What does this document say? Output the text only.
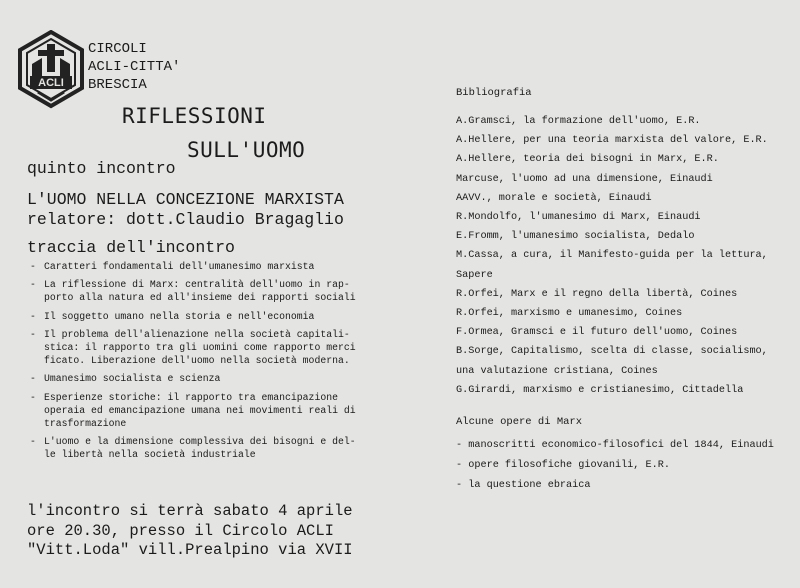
ACLI
CIRCOLI
ACLI-CITTA'
BRESCIA
RIFLESSIONI
SULL'UOMO
quinto incontro
L'UOMO NELLA CONCEZIONE MARXISTA
relatore: dott.Claudio Bragaglio
traccia dell'incontro
- Caratteri fondamentali dell'umanesimo marxista
- La riflessione di Marx: centralità dell'uomo in rap-
porto alla natura ed all'insieme dei rapporti sociali
- Il soggetto umano nella storia e nell'economia
- Il problema dell'alienazione nella società capitali-
stica: il rapporto tra gli uomini come rapporto merci
ficato. Liberazione dell'uomo nella società moderna.
- Umanesimo socialista e scienza
- Esperienze storiche: il rapporto tra emancipazione
operaia ed emancipazione umana nei movimenti reali di
trasformazione
- L'uomo e la dimensione complessiva dei bisogni e del-
le libertà nella società industriale
l'incontro si terrà sabato 4 aprile
ore 20.30, presso il Circolo ACLI
"Vitt.Loda" vill.Prealpino via XVII
Bibliografia
A.Gramsci, la formazione dell'uomo, E.R.
A.Hellere, per una teoria marxista del valore, E.R.
A.Hellere, teoria dei bisogni in Marx, E.R.
Marcuse, l'uomo ad una dimensione, Einaudi
AAVV., morale e società, Einaudi
R.Mondolfo, l'umanesimo di Marx, Einaudi
E.Fromm, l'umanesimo socialista, Dedalo
M.Cassa, a cura, il Manifesto-guida per la lettura,
Sapere
R.Orfei, Marx e il regno della libertà, Coines
R.Orfei, marxismo e umanesimo, Coines
F.Ormea, Gramsci e il futuro dell'uomo, Coines
B.Sorge, Capitalismo, scelta di classe, socialismo,
una valutazione cristiana, Coines
G.Girardi, marxismo e cristianesimo, Cittadella
Alcune opere di Marx
- manoscritti economico-filosofici del 1844, Einaudi
- opere filosofiche giovanili, E.R.
- la questione ebraica
